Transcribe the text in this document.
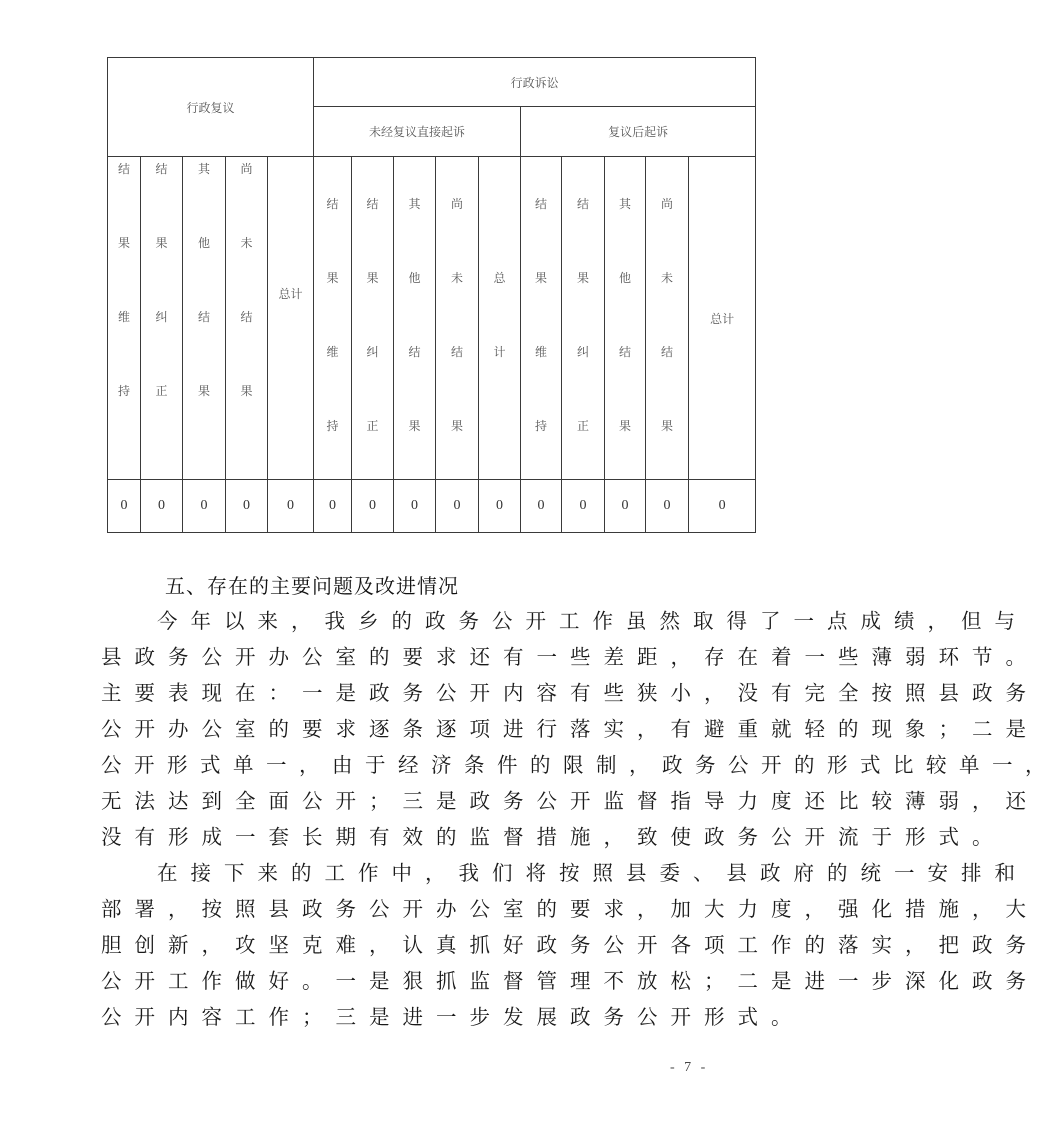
行政复议					行政诉讼									
					未经复议直接起诉					复议后起诉				

结
果
维
持	结
果
纠
正	其
他
结
果	尚
未
结
果	总计	结
果
维
持	结
果
纠
正	其
他
结
果	尚
未
结
果	总
计	结
果
维
持	结
果
纠
正	其
他
结
果	尚
未
结
果	总计

0	0	0	0	0	0	0	0	0	0	0	0	0	0	0
五、存在的主要问题及改进情况
今年以来，我乡的政务公开工作虽然取得了一点成绩，但与
县政务公开办公室的要求还有一些差距，存在着一些薄弱环节。
主要表现在：一是政务公开内容有些狭小，没有完全按照县政务
公开办公室的要求逐条逐项进行落实，有避重就轻的现象；二是
公开形式单一，由于经济条件的限制，政务公开的形式比较单一，
无法达到全面公开；三是政务公开监督指导力度还比较薄弱，还
没有形成一套长期有效的监督措施，致使政务公开流于形式。
在接下来的工作中，我们将按照县委、县政府的统一安排和
部署，按照县政务公开办公室的要求，加大力度，强化措施，大
胆创新，攻坚克难，认真抓好政务公开各项工作的落实，把政务
公开工作做好。一是狠抓监督管理不放松；二是进一步深化政务
公开内容工作；三是进一步发展政务公开形式。
- 7 -
